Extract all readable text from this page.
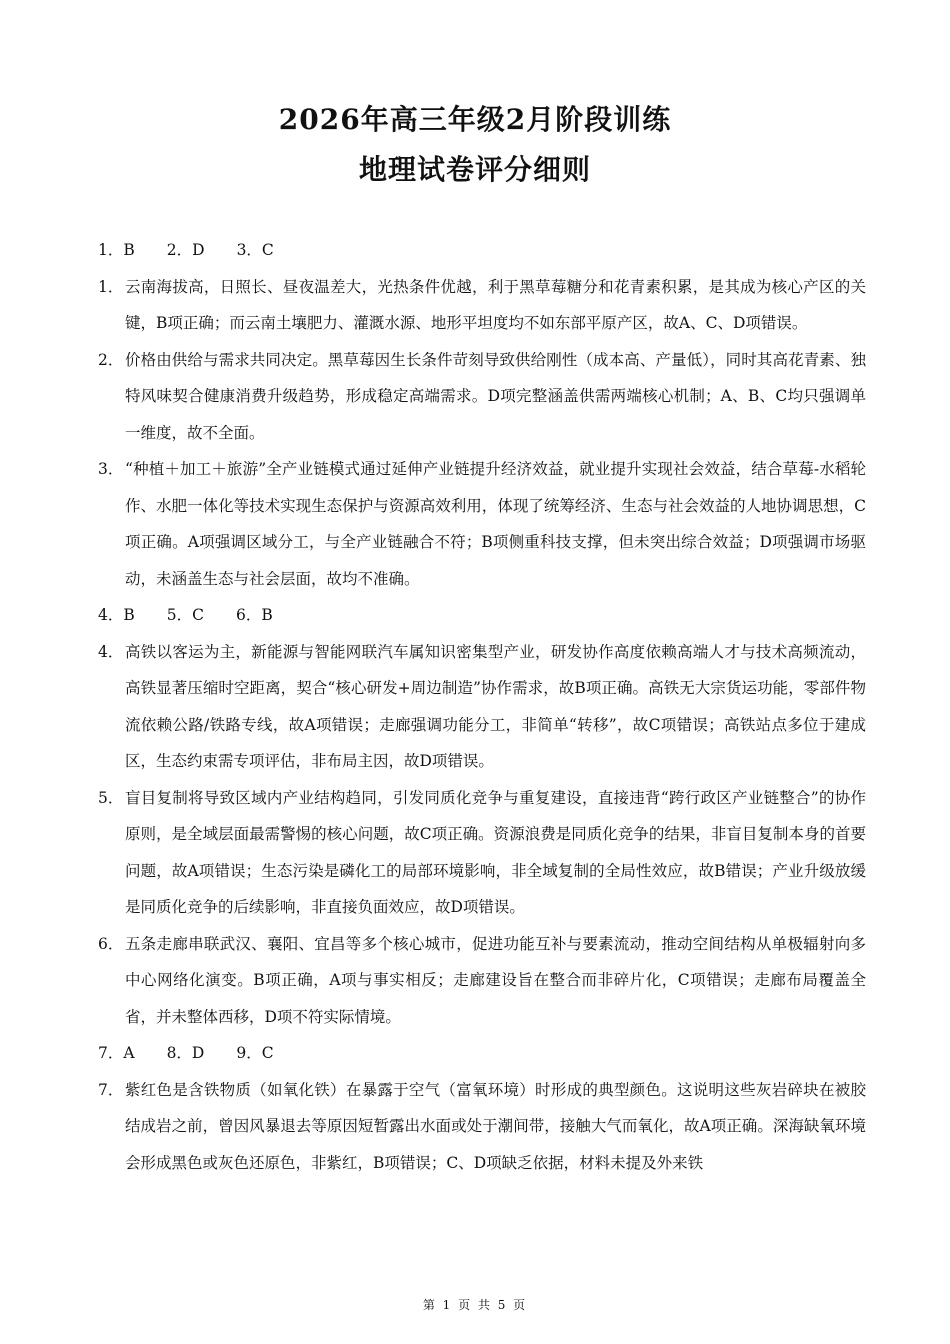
2026年高三年级2月阶段训练
地理试卷评分细则
1．B 2．D 3．C
1． 云南海拔高，日照长、昼夜温差大，光热条件优越，利于黑草莓糖分和花青素积累，是其成为核心产区的关键，B项正确；而云南土壤肥力、灌溉水源、地形平坦度均不如东部平原产区，故A、C、D项错误。
2． 价格由供给与需求共同决定。黑草莓因生长条件苛刻导致供给刚性（成本高、产量低），同时其高花青素、独特风味契合健康消费升级趋势，形成稳定高端需求。D项完整涵盖供需两端核心机制；A、B、C均只强调单一维度，故不全面。
3． “种植＋加工＋旅游”全产业链模式通过延伸产业链提升经济效益，就业提升实现社会效益，结合草莓-水稻轮作、水肥一体化等技术实现生态保护与资源高效利用，体现了统筹经济、生态与社会效益的人地协调思想，C项正确。A项强调区域分工，与全产业链融合不符；B项侧重科技支撑，但未突出综合效益；D项强调市场驱动，未涵盖生态与社会层面，故均不准确。
4．B 5．C 6．B
4． 高铁以客运为主，新能源与智能网联汽车属知识密集型产业，研发协作高度依赖高端人才与技术高频流动，高铁显著压缩时空距离，契合“核心研发+周边制造”协作需求，故B项正确。高铁无大宗货运功能，零部件物流依赖公路/铁路专线，故A项错误；走廊强调功能分工，非简单“转移”，故C项错误；高铁站点多位于建成区，生态约束需专项评估，非布局主因，故D项错误。
5． 盲目复制将导致区域内产业结构趋同，引发同质化竞争与重复建设，直接违背“跨行政区产业链整合”的协作原则，是全域层面最需警惕的核心问题，故C项正确。资源浪费是同质化竞争的结果，非盲目复制本身的首要问题，故A项错误；生态污染是磷化工的局部环境影响，非全域复制的全局性效应，故B错误；产业升级放缓是同质化竞争的后续影响，非直接负面效应，故D项错误。
6． 五条走廊串联武汉、襄阳、宜昌等多个核心城市，促进功能互补与要素流动，推动空间结构从单极辐射向多中心网络化演变。B项正确，A项与事实相反；走廊建设旨在整合而非碎片化，C项错误；走廊布局覆盖全省，并未整体西移，D项不符实际情境。
7．A 8．D 9．C
7． 紫红色是含铁物质（如氧化铁）在暴露于空气（富氧环境）时形成的典型颜色。这说明这些灰岩碎块在被胶结成岩之前，曾因风暴退去等原因短暂露出水面或处于潮间带，接触大气而氧化，故A项正确。深海缺氧环境会形成黑色或灰色还原色，非紫红，B项错误；C、D项缺乏依据，材料未提及外来铁
第 1 页 共 5 页
